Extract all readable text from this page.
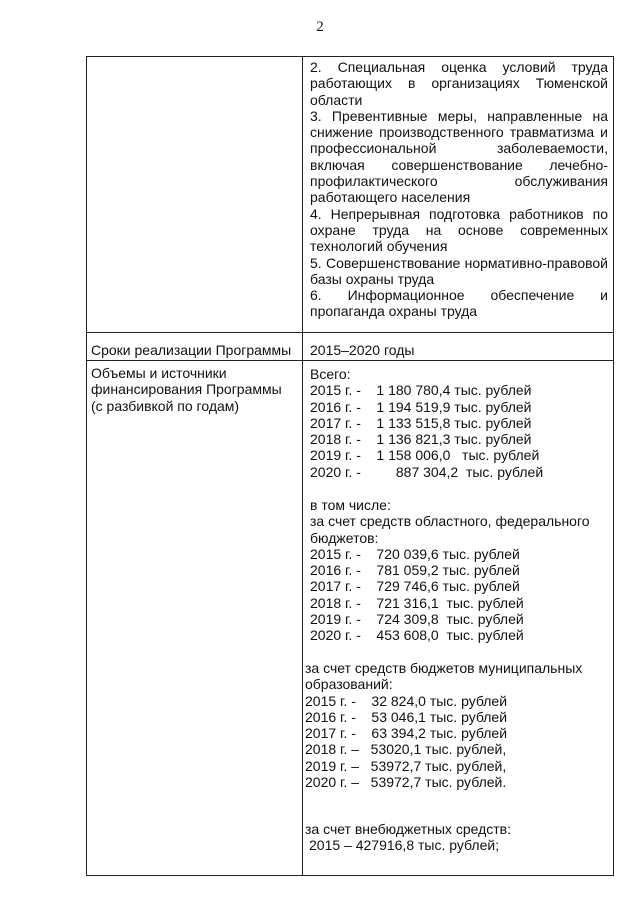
2
2. Специальная оценка условий труда работающих в организациях Тюменской области
3. Превентивные меры, направленные на снижение производственного травматизма и профессиональной заболеваемости, включая совершенствование лечебно-профилактического обслуживания работающего населения
4. Непрерывная подготовка работников по охране труда на основе современных технологий обучения
5. Совершенствование нормативно-правовой базы охраны труда
6. Информационное обеспечение и пропаганда охраны труда
Сроки реализации Программы	2015–2020 годы
Объемы и источники финансирования Программы (с разбивкой по годам)
Всего:
2015 г. -    1 180 780,4 тыс. рублей
2016 г. -    1 194 519,9 тыс. рублей
2017 г. -    1 133 515,8 тыс. рублей
2018 г. -    1 136 821,3 тыс. рублей
2019 г. -    1 158 006,0   тыс. рублей
2020 г. -         887 304,2  тыс. рублей
в том числе:
за счет средств областного, федерального бюджетов:
2015 г. -    720 039,6 тыс. рублей
2016 г. -    781 059,2 тыс. рублей
2017 г. -    729 746,6 тыс. рублей
2018 г. -    721 316,1  тыс. рублей
2019 г. -    724 309,8  тыс. рублей
2020 г. -    453 608,0  тыс. рублей
за счет средств бюджетов муниципальных образований:
2015 г. -    32 824,0 тыс. рублей
2016 г. -    53 046,1 тыс. рублей
2017 г. -    63 394,2 тыс. рублей
2018 г. –   53020,1 тыс. рублей,
2019 г. –   53972,7 тыс. рублей,
2020 г. –   53972,7 тыс. рублей.
за счет внебюджетных средств:
2015 – 427916,8 тыс. рублей;
